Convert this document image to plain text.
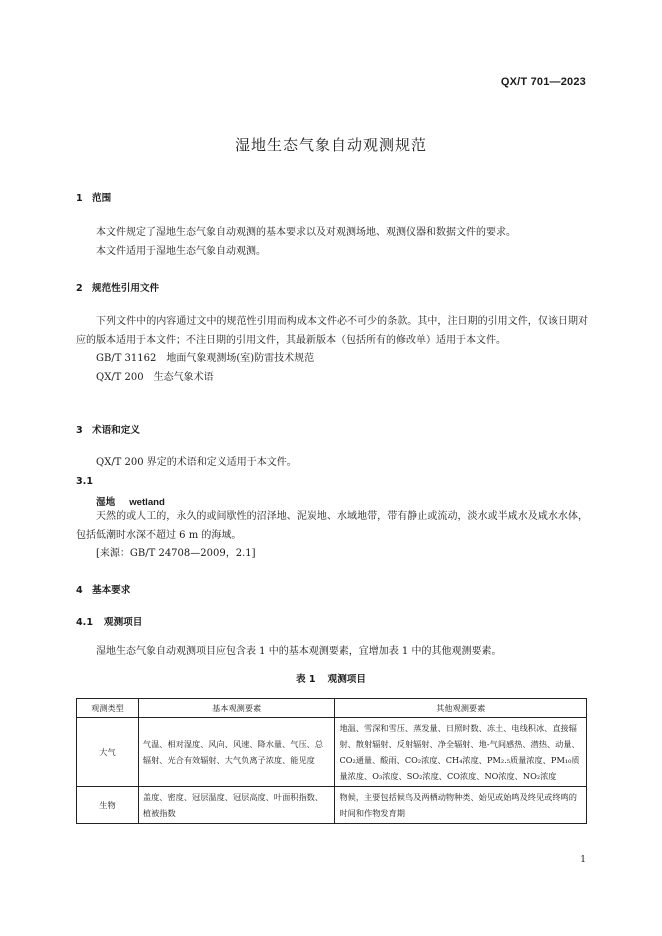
QX/T 701—2023
湿地生态气象自动观测规范
1 范围

本文件规定了湿地生态气象自动观测的基本要求以及对观测场地、观测仪器和数据文件的要求。

本文件适用于湿地生态气象自动观测。

2 规范性引用文件

下列文件中的内容通过文中的规范性引用而构成本文件必不可少的条款。其中，注日期的引用文件，仅该日期对应的版本适用于本文件；不注日期的引用文件，其最新版本（包括所有的修改单）适用于本文件。

GB/T 31162　地面气象观测场(室)防雷技术规范
QX/T 200　生态气象术语
3 术语和定义

QX/T 200 界定的术语和定义适用于本文件。

3.1
湿地 wetland

天然的或人工的，永久的或间歇性的沼泽地、泥炭地、水域地带，带有静止或流动，淡水或半咸水及咸水水体，包括低潮时水深不超过 6 m 的海域。

[来源：GB/T 24708—2009，2.1]
4 基本要求
4.1 观测项目

湿地生态气象自动观测项目应包含表 1 中的基本观测要素，宜增加表 1 中的其他观测要素。

表 1 观测项目
观测类型	基本观测要素	其他观测要素
大气	气温、相对湿度、风向、风速、降水量、气压、总辐射、光合有效辐射、大气负离子浓度、能见度	地温、雪深和雪压、蒸发量、日照时数、冻土、电线积冰、直接辐射、散射辐射、反射辐射、净全辐射、地-气间感热、潜热、动量、CO₂通量、酸雨、CO₂浓度、CH₄浓度、PM₂.₅质量浓度、PM₁₀质量浓度、O₃浓度、SO₂浓度、CO浓度、NO浓度、NO₂浓度
生物	盖度、密度、冠层温度、冠层高度、叶面积指数、植被指数	物候，主要包括候鸟及两栖动物种类、始见或始鸣及终见或终鸣的时间和作物发育期
1
